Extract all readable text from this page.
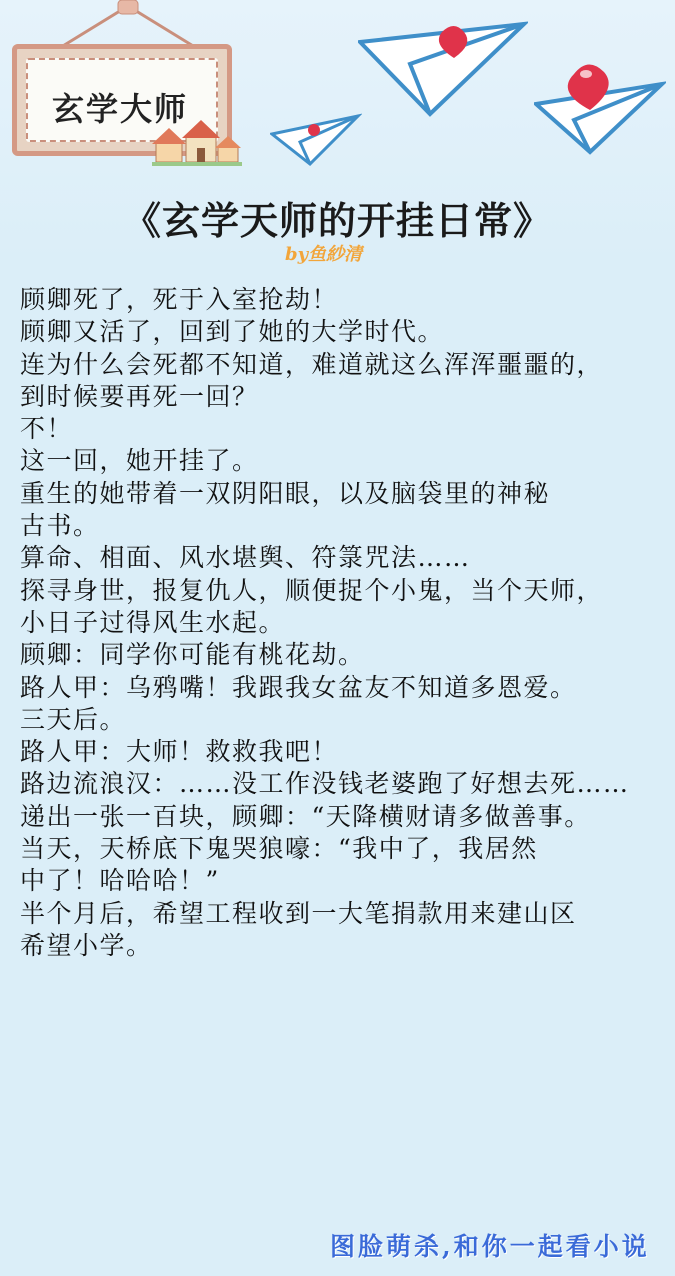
玄学大师
《玄学天师的开挂日常》
by鱼紗清
顾卿死了，死于入室抢劫！
顾卿又活了，回到了她的大学时代。
连为什么会死都不知道，难道就这么浑浑噩噩的，
到时候要再死一回？
不！
这一回，她开挂了。
重生的她带着一双阴阳眼，以及脑袋里的神秘
古书。
算命、相面、风水堪舆、符箓咒法……
探寻身世，报复仇人，顺便捉个小鬼，当个天师，
小日子过得风生水起。
顾卿：同学你可能有桃花劫。
路人甲：乌鸦嘴！我跟我女盆友不知道多恩爱。
三天后。
路人甲：大师！救救我吧！
路边流浪汉：……没工作没钱老婆跑了好想去死……
递出一张一百块，顾卿：“天降横财请多做善事。
当天，天桥底下鬼哭狼嚎：“我中了，我居然
中了！哈哈哈！”
半个月后，希望工程收到一大笔捐款用来建山区
希望小学。
图脸萌杀,和你一起看小说
